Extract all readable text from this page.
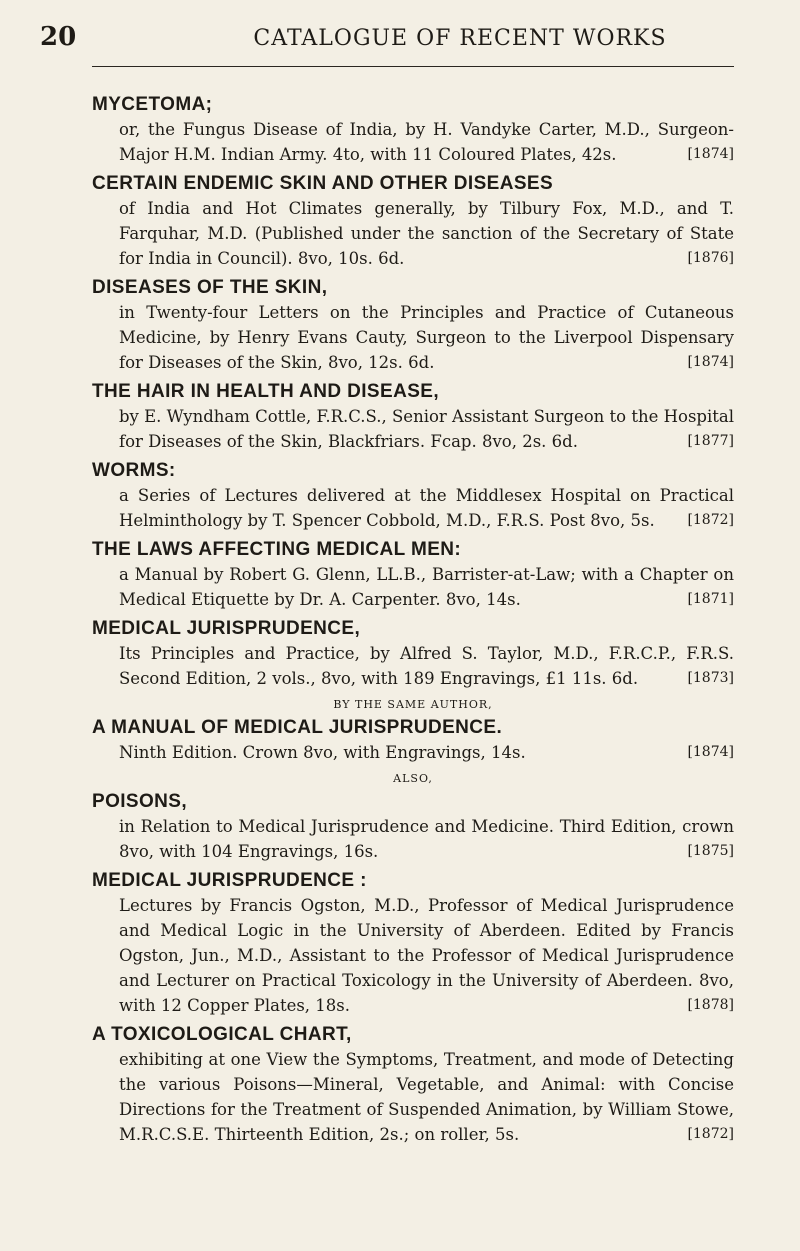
20	CATALOGUE OF RECENT WORKS
MYCETOMA;
or, the Fungus Disease of India, by H. Vandyke Carter, M.D., Surgeon-Major H.M. Indian Army. 4to, with 11 Coloured Plates, 42s.	[1874]
CERTAIN ENDEMIC SKIN AND OTHER DISEASES
of India and Hot Climates generally, by Tilbury Fox, M.D., and T. Farquhar, M.D. (Published under the sanction of the Secretary of State for India in Council). 8vo, 10s. 6d.	[1876]
DISEASES OF THE SKIN,
in Twenty-four Letters on the Principles and Practice of Cutaneous Medicine, by Henry Evans Cauty, Surgeon to the Liverpool Dispensary for Diseases of the Skin, 8vo, 12s. 6d.	[1874]
THE HAIR IN HEALTH AND DISEASE,
by E. Wyndham Cottle, F.R.C.S., Senior Assistant Surgeon to the Hospital for Diseases of the Skin, Blackfriars. Fcap. 8vo, 2s. 6d.	[1877]
WORMS:
a Series of Lectures delivered at the Middlesex Hospital on Practical Helminthology by T. Spencer Cobbold, M.D., F.R.S. Post 8vo, 5s. [1872]
THE LAWS AFFECTING MEDICAL MEN:
a Manual by Robert G. Glenn, LL.B., Barrister-at-Law; with a Chapter on Medical Etiquette by Dr. A. Carpenter. 8vo, 14s.	[1871]
MEDICAL JURISPRUDENCE,
Its Principles and Practice, by Alfred S. Taylor, M.D., F.R.C.P., F.R.S. Second Edition, 2 vols., 8vo, with 189 Engravings, £1 11s. 6d.	[1873]
BY THE SAME AUTHOR,
A MANUAL OF MEDICAL JURISPRUDENCE.
Ninth Edition. Crown 8vo, with Engravings, 14s.	[1874]
ALSO,
POISONS,
in Relation to Medical Jurisprudence and Medicine. Third Edition, crown 8vo, with 104 Engravings, 16s.	[1875]
MEDICAL JURISPRUDENCE :
Lectures by Francis Ogston, M.D., Professor of Medical Jurisprudence and Medical Logic in the University of Aberdeen. Edited by Francis Ogston, Jun., M.D., Assistant to the Professor of Medical Jurisprudence and Lecturer on Practical Toxicology in the University of Aberdeen. 8vo, with 12 Copper Plates, 18s.	[1878]
A TOXICOLOGICAL CHART,
exhibiting at one View the Symptoms, Treatment, and mode of Detecting the various Poisons—Mineral, Vegetable, and Animal: with Concise Directions for the Treatment of Suspended Animation, by William Stowe, M.R.C.S.E. Thirteenth Edition, 2s.; on roller, 5s.	[1872]
